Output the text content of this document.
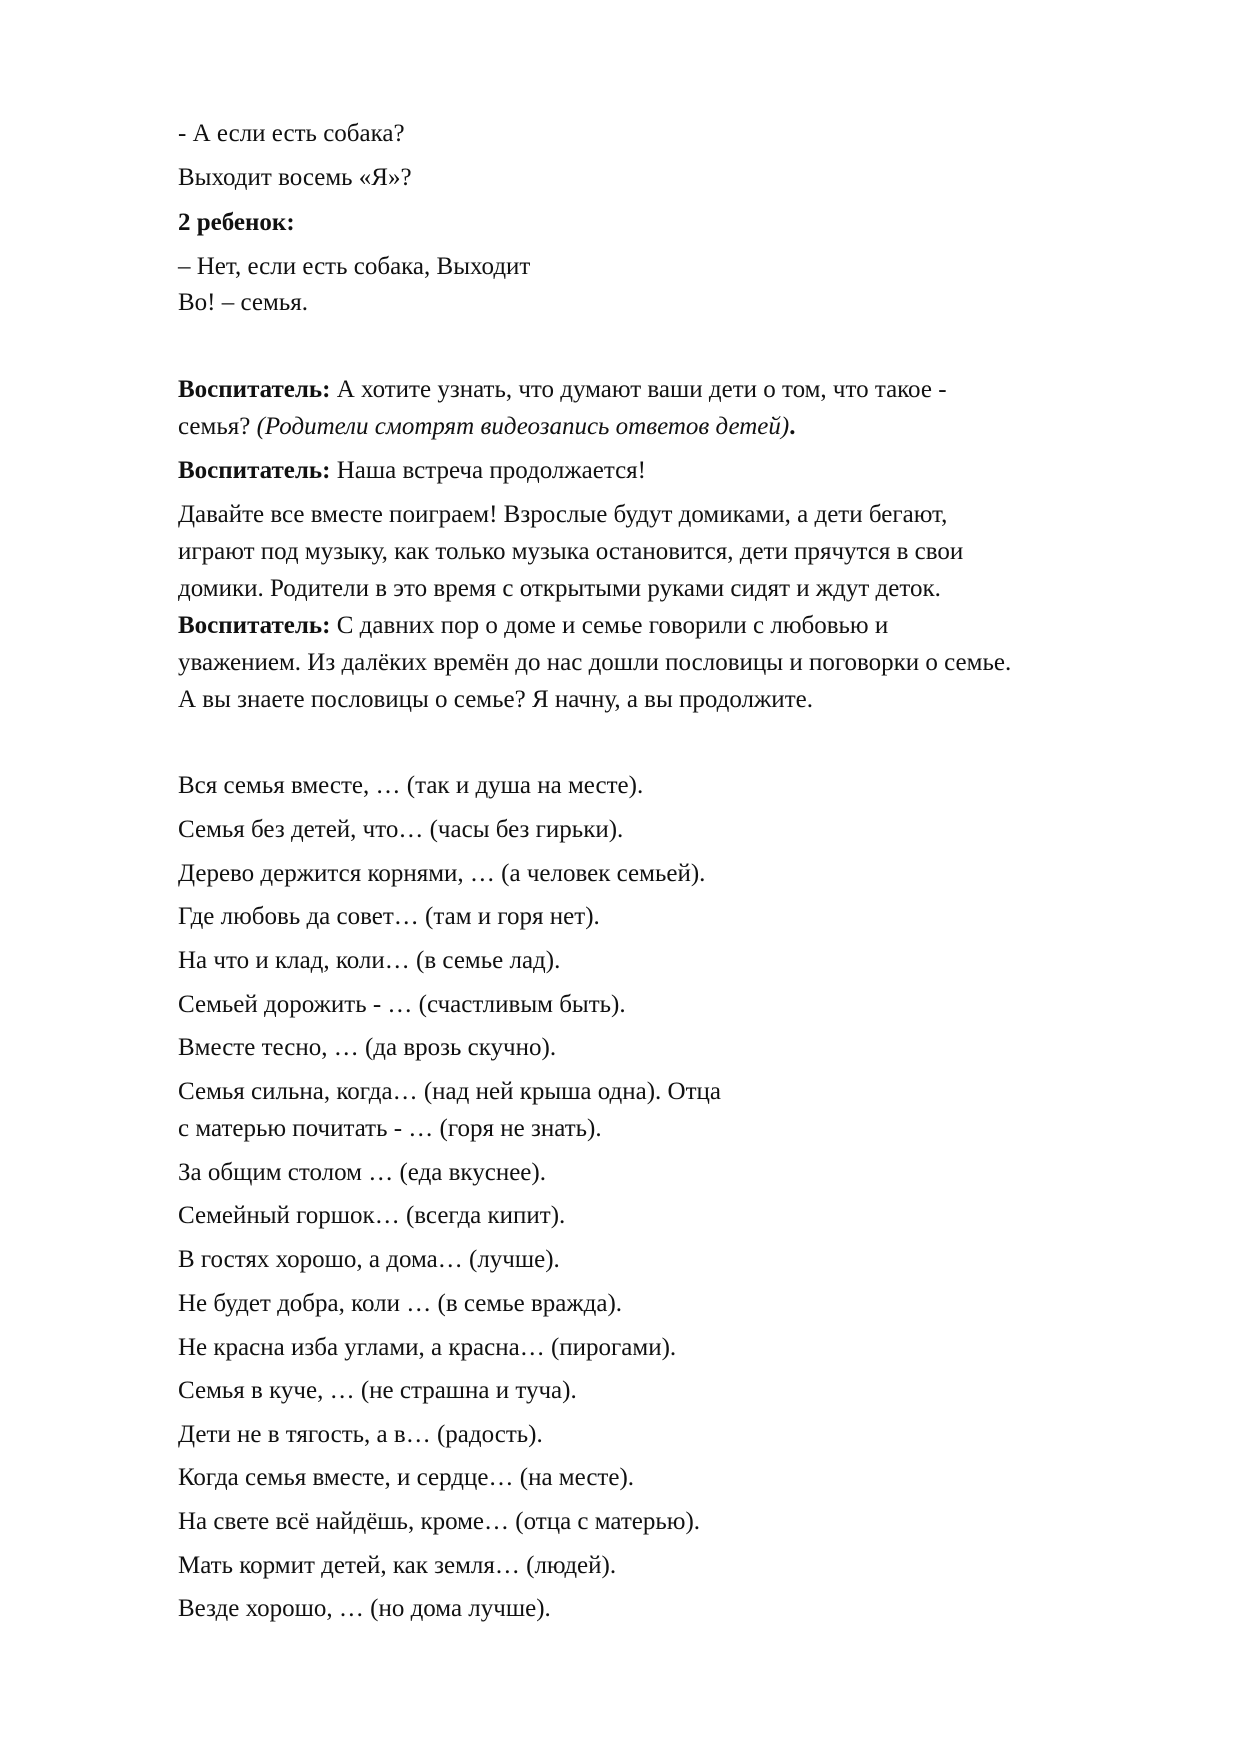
- А если есть собака?
Выходит восемь «Я»?
2 ребенок:
– Нет, если есть собака, Выходит
Во! – семья.
Воспитатель: А хотите узнать, что думают ваши дети о том, что такое -
семья? (Родители смотрят видеозапись ответов детей).
Воспитатель: Наша встреча продолжается!
Давайте все вместе поиграем! Взрослые будут домиками, а дети бегают,
играют под музыку, как только музыка остановится, дети прячутся в свои
домики. Родители в это время с открытыми руками сидят и ждут деток.
Воспитатель: С давних пор о доме и семье говорили с любовью и
уважением. Из далёких времён до нас дошли пословицы и поговорки о семье.
А вы знаете пословицы о семье? Я начну, а вы продолжите.
Вся семья вместе, … (так и душа на месте).
Семья без детей, что… (часы без гирьки).
Дерево держится корнями, … (а человек семьей).
Где любовь да совет… (там и горя нет).
На что и клад, коли… (в семье лад).
Семьей дорожить - … (счастливым быть).
Вместе тесно, … (да врозь скучно).
Семья сильна, когда… (над ней крыша одна). Отца
с матерью почитать - … (горя не знать).
За общим столом … (еда вкуснее).
Семейный горшок… (всегда кипит).
В гостях хорошо, а дома… (лучше).
Не будет добра, коли … (в семье вражда).
Не красна изба углами, а красна… (пирогами).
Семья в куче, … (не страшна и туча).
Дети не в тягость, а в… (радость).
Когда семья вместе, и сердце… (на месте).
На свете всё найдёшь, кроме… (отца с матерью).
Мать кормит детей, как земля… (людей).
Везде хорошо, … (но дома лучше).
